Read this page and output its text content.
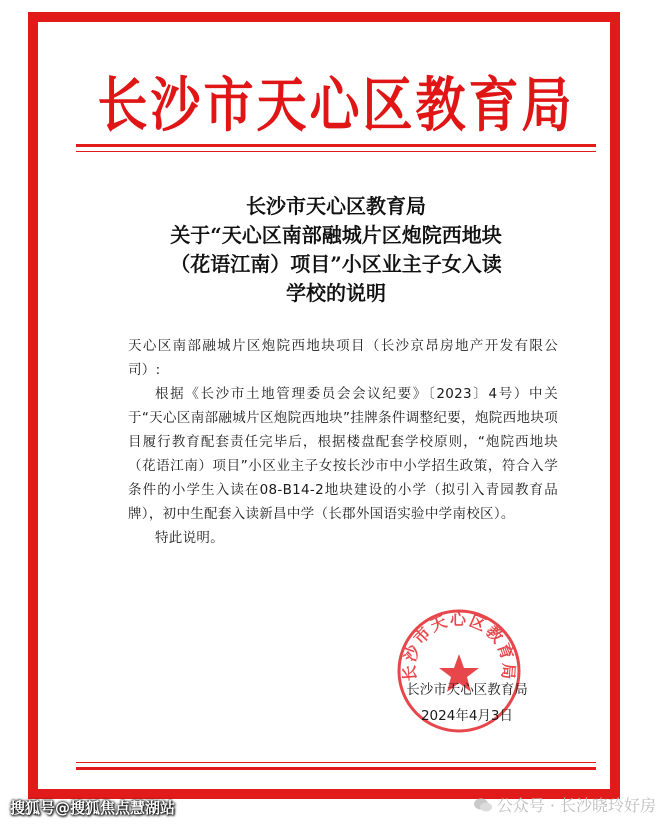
长沙市天心区教育局
长沙市天心区教育局
关于“天心区南部融城片区炮院西地块
（花语江南）项目”小区业主子女入读
学校的说明

天心区南部融城片区炮院西地块项目（长沙京昂房地产开发有限公司）:

根据《长沙市土地管理委员会会议纪要》〔2023〕4号）中关于“天心区南部融城片区炮院西地块”挂牌条件调整纪要，炮院西地块项目履行教育配套责任完毕后，根据楼盘配套学校原则，“炮院西地块（花语江南）项目”小区业主子女按长沙市中小学招生政策，符合入学条件的小学生入读在08-B14-2地块建设的小学（拟引入青园教育品牌），初中生配套入读新昌中学（长郡外国语实验中学南校区）。

特此说明。

长沙市天心区教育局
长沙市天心区教育局
2024年4月3日
搜狐号@搜狐焦点慧湖站	公众号 · 长沙晓玲好房
